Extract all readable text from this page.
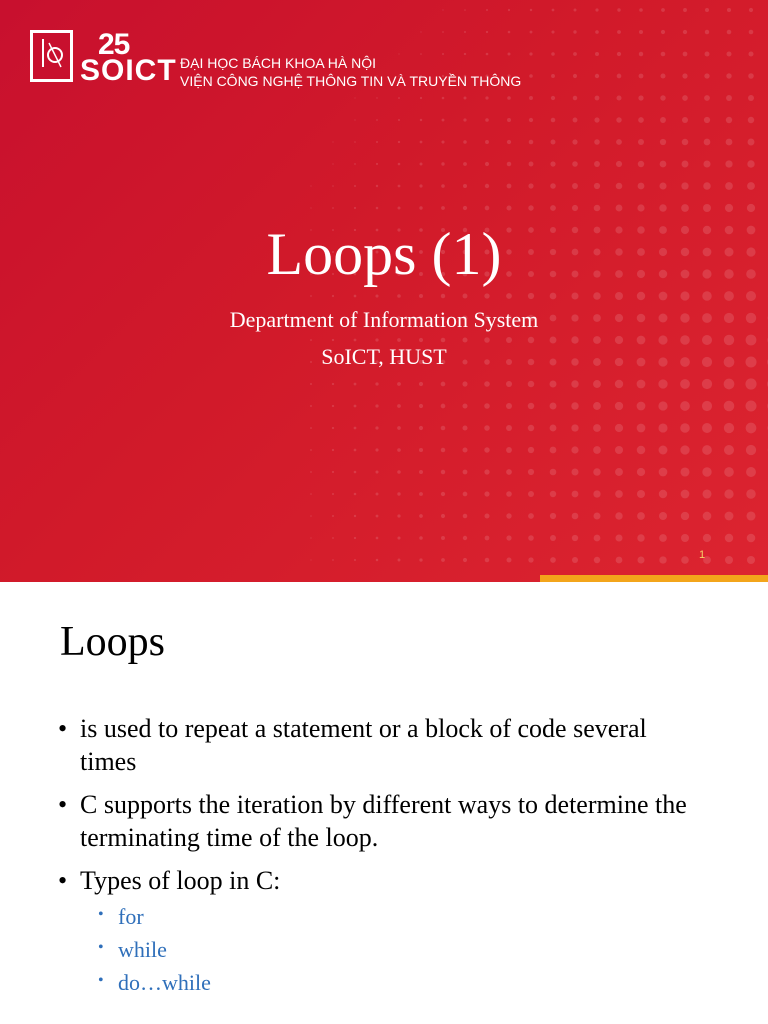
25
SOICT ĐẠI HỌC BÁCH KHOA HÀ NỘI
VIỆN CÔNG NGHỆ THÔNG TIN VÀ TRUYỀN THÔNG
Loops (1)
Department of Information System
SoICT, HUST
1
Loops
• is used to repeat a statement or a block of code several times
• C supports the iteration by different ways to determine the terminating time of the loop.
• Types of loop in C:
• for
• while
• do…while
